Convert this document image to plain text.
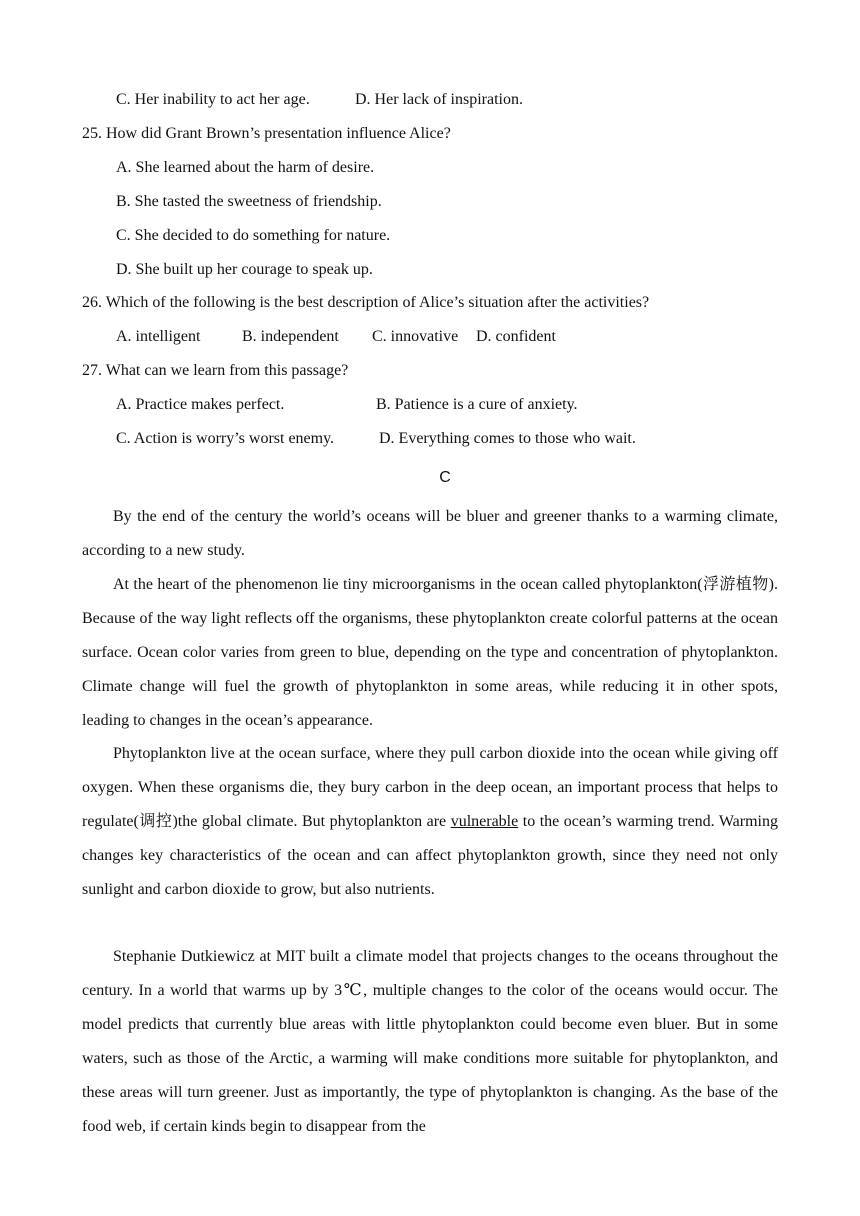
C. Her inability to act her age.	D. Her lack of inspiration.
25. How did Grant Brown’s presentation influence Alice?
A. She learned about the harm of desire.
B. She tasted the sweetness of friendship.
C. She decided to do something for nature.
D. She built up her courage to speak up.
26. Which of the following is the best description of Alice’s situation after the activities?
A. intelligent	B. independent C. innovative D. confident
27. What can we learn from this passage?
A. Practice makes perfect.	B. Patience is a cure of anxiety.
C. Action is worry’s worst enemy.	D. Everything comes to those who wait.
C

By the end of the century the world’s oceans will be bluer and greener thanks to a warming climate, according to a new study.

At the heart of the phenomenon lie tiny microorganisms in the ocean called phytoplankton(浮游植物). Because of the way light reflects off the organisms, these phytoplankton create colorful patterns at the ocean surface. Ocean color varies from green to blue, depending on the type and concentration of phytoplankton. Climate change will fuel the growth of phytoplankton in some areas, while reducing it in other spots, leading to changes in the ocean’s appearance.

Phytoplankton live at the ocean surface, where they pull carbon dioxide into the ocean while giving off oxygen. When these organisms die, they bury carbon in the deep ocean, an important process that helps to regulate(调控)the global climate. But phytoplankton are vulnerable to the ocean’s warming trend. Warming changes key characteristics of the ocean and can affect phytoplankton growth, since they need not only sunlight and carbon dioxide to grow, but also nutrients.

Stephanie Dutkiewicz at MIT built a climate model that projects changes to the oceans throughout the century. In a world that warms up by 3℃, multiple changes to the color of the oceans would occur. The model predicts that currently blue areas with little phytoplankton could become even bluer. But in some waters, such as those of the Arctic, a warming will make conditions more suitable for phytoplankton, and these areas will turn greener. Just as importantly, the type of phytoplankton is changing. As the base of the food web, if certain kinds begin to disappear from the
